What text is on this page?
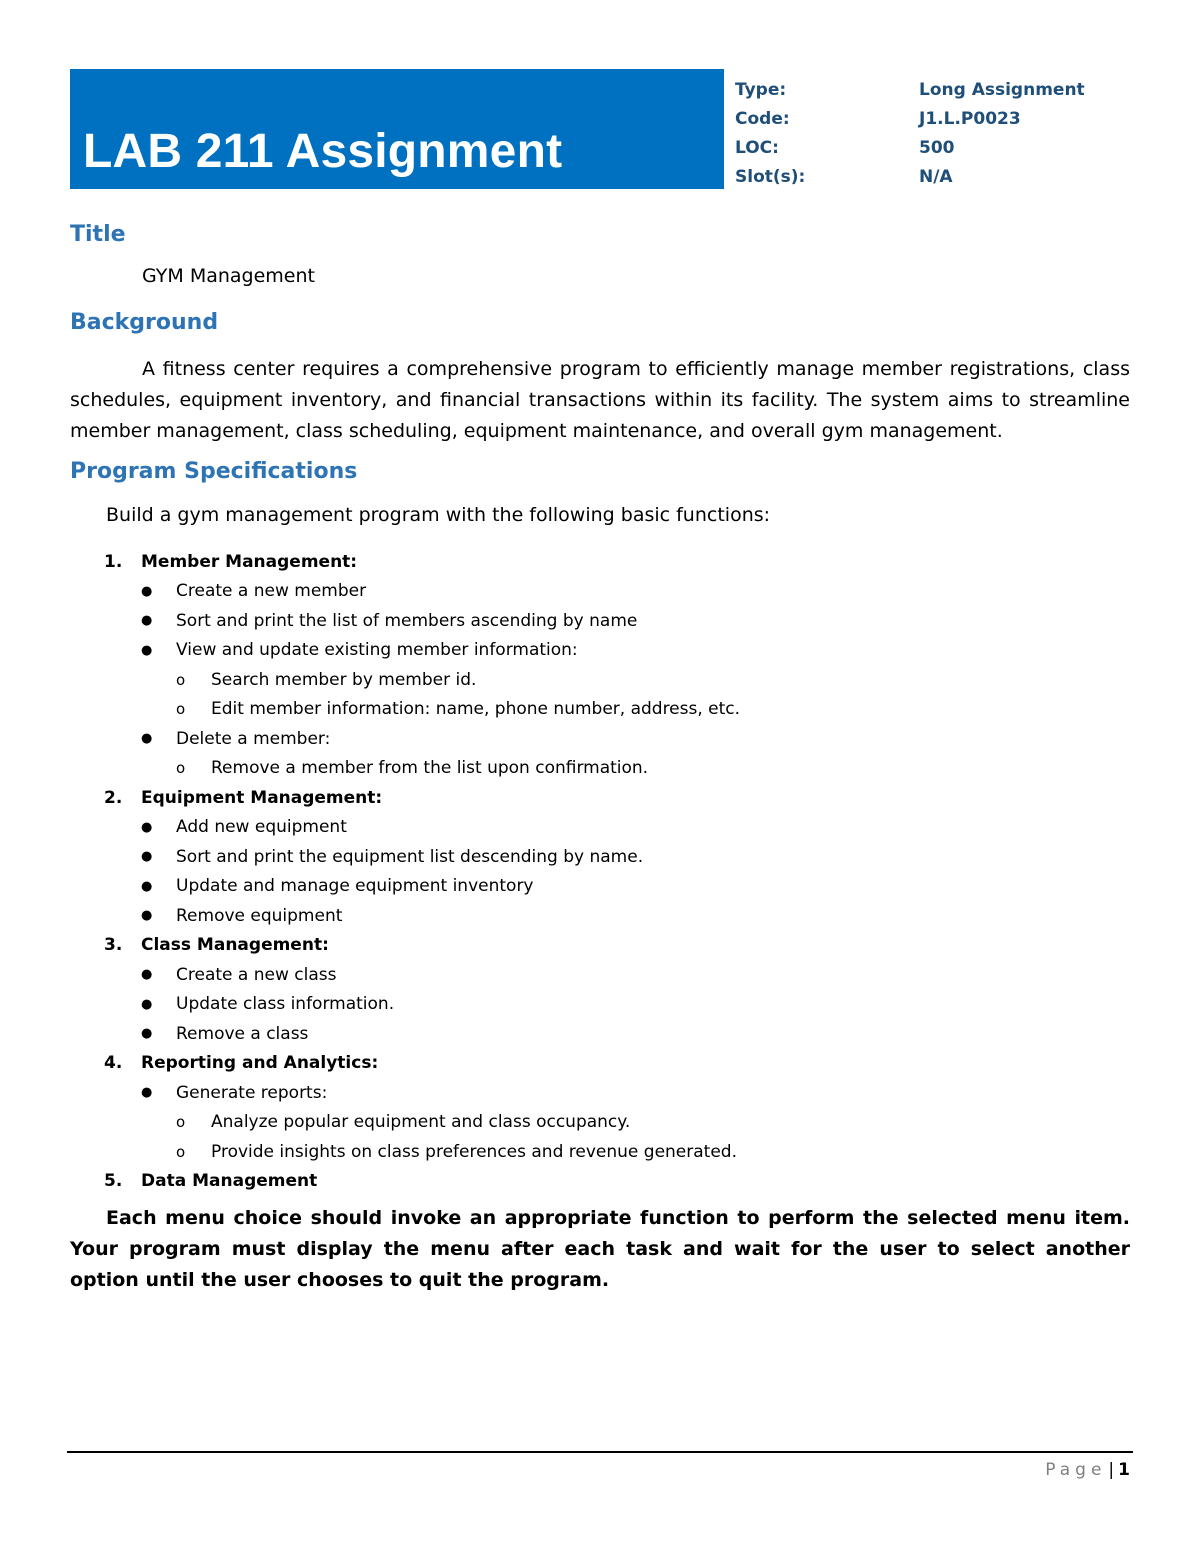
LAB 211 Assignment
Type:	Long Assignment
Code:	J1.L.P0023
LOC:	500
Slot(s):	N/A
Title
GYM Management
Background
A fitness center requires a comprehensive program to efficiently manage member registrations, class schedules, equipment inventory, and financial transactions within its facility. The system aims to streamline member management, class scheduling, equipment maintenance, and overall gym management.
Program Specifications
Build a gym management program with the following basic functions:
1.	Member Management:
●	Create a new member
●	Sort and print the list of members ascending by name
●	View and update existing member information:
o	Search member by member id.
o	Edit member information: name, phone number, address, etc.
●	Delete a member:
o	Remove a member from the list upon confirmation.
2.	Equipment Management:
●	Add new equipment
●	Sort and print the equipment list descending by name.
●	Update and manage equipment inventory
●	Remove equipment
3.	Class Management:
●	Create a new class
●	Update class information.
●	Remove a class
4.	Reporting and Analytics:
●	Generate reports:
o	Analyze popular equipment and class occupancy.
o	Provide insights on class preferences and revenue generated.
5.	Data Management
Each menu choice should invoke an appropriate function to perform the selected menu item. Your program must display the menu after each task and wait for the user to select another option until the user chooses to quit the program.
Page | 1
